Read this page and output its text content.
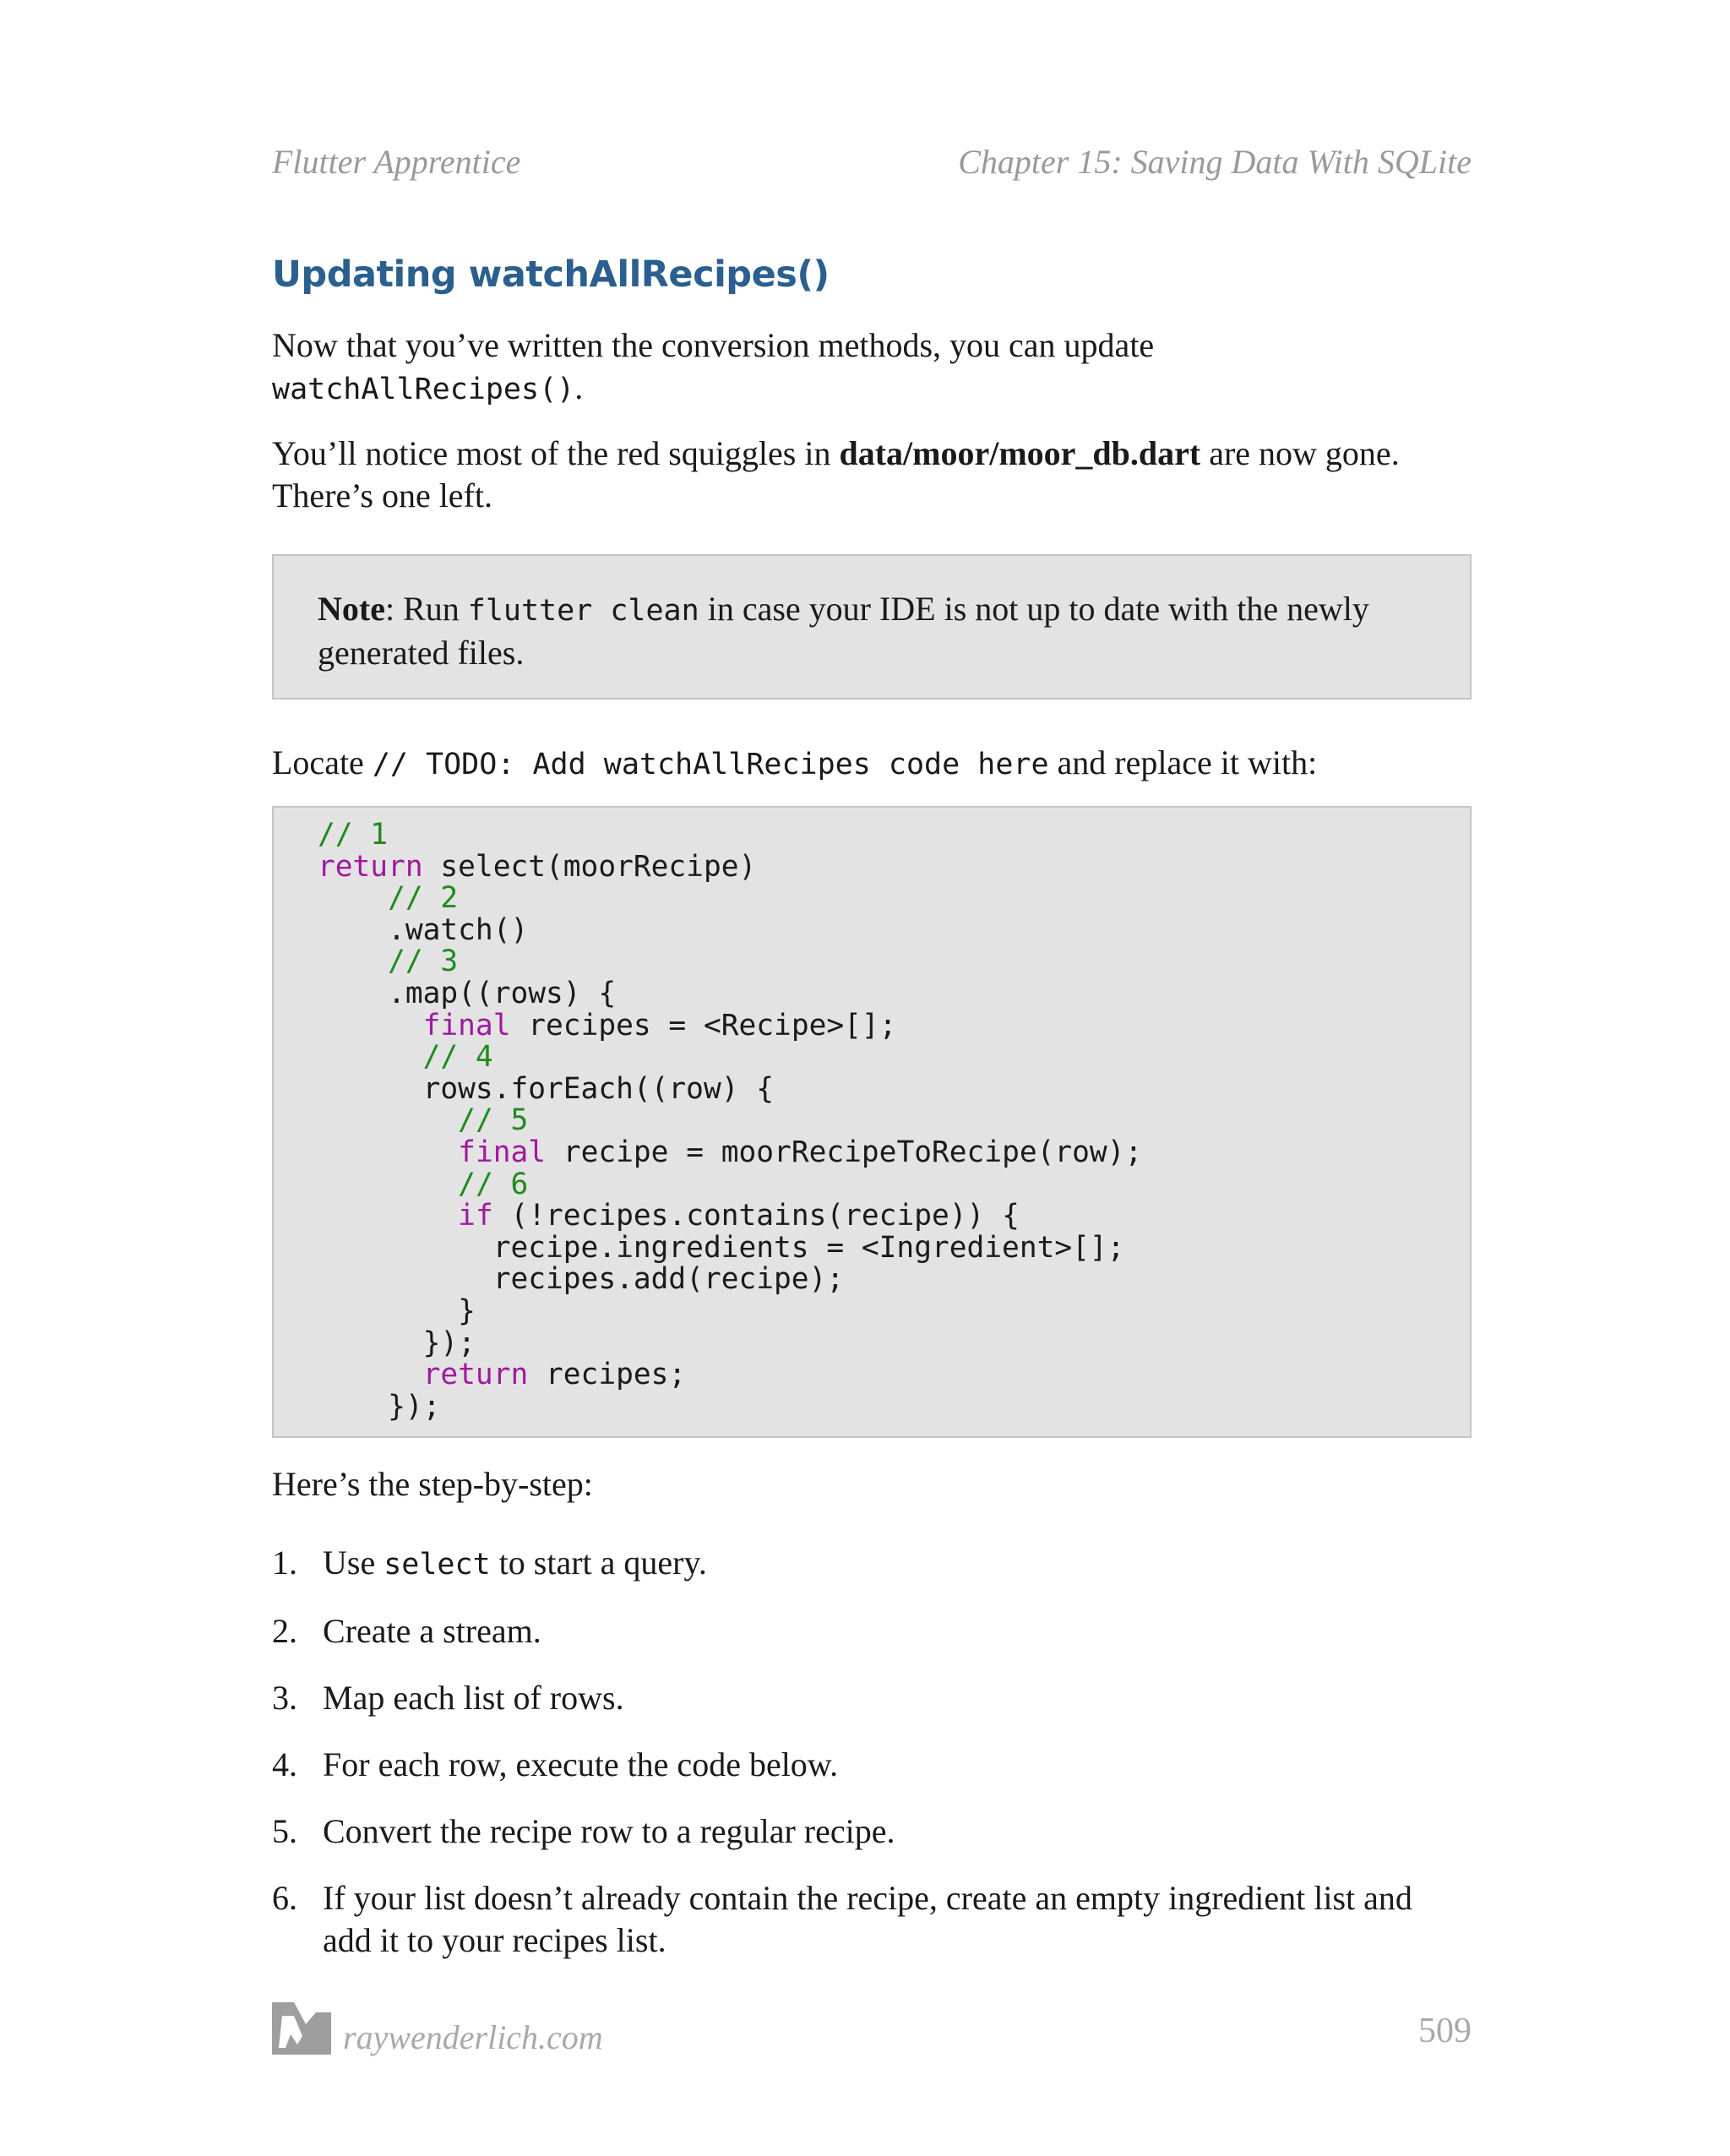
Flutter Apprentice	Chapter 15: Saving Data With SQLite
Updating watchAllRecipes()

Now that you’ve written the conversion methods, you can update
watchAllRecipes().

You’ll notice most of the red squiggles in data/moor/moor_db.dart are now gone.
There’s one left.

Note: Run flutter clean in case your IDE is not up to date with the newly
generated files.

Locate // TODO: Add watchAllRecipes code here and replace it with:

// 1
return select(moorRecipe)
// 2
.watch()
// 3
.map((rows) {
final recipes = <Recipe>[];
// 4
rows.forEach((row) {
// 5
final recipe = moorRecipeToRecipe(row);
// 6
if (!recipes.contains(recipe)) {
recipe.ingredients = <Ingredient>[];
recipes.add(recipe);
}
});
return recipes;
});

Here’s the step-by-step:

1. Use select to start a query.
2. Create a stream.
3. Map each list of rows.
4. For each row, execute the code below.
5. Convert the recipe row to a regular recipe.
6. If your list doesn’t already contain the recipe, create an empty ingredient list and
add it to your recipes list.
raywenderlich.com	509
